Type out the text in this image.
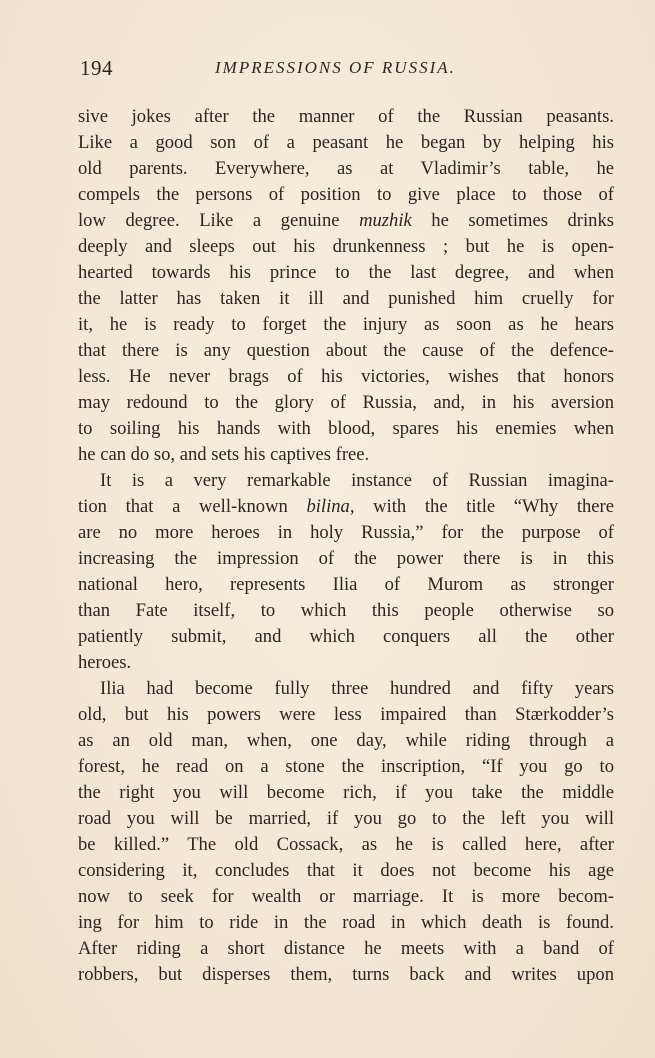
194	IMPRESSIONS OF RUSSIA.
sive jokes after the manner of the Russian peasants.
Like a good son of a peasant he began by helping his
old parents. Everywhere, as at Vladimir’s table, he
compels the persons of position to give place to those of
low degree. Like a genuine muzhik he sometimes drinks
deeply and sleeps out his drunkenness ; but he is open-
hearted towards his prince to the last degree, and when
the latter has taken it ill and punished him cruelly for
it, he is ready to forget the injury as soon as he hears
that there is any question about the cause of the defence-
less. He never brags of his victories, wishes that honors
may redound to the glory of Russia, and, in his aversion
to soiling his hands with blood, spares his enemies when
he can do so, and sets his captives free.
It is a very remarkable instance of Russian imagina-
tion that a well-known bilina, with the title “Why there
are no more heroes in holy Russia,” for the purpose of
increasing the impression of the power there is in this
national hero, represents Ilia of Murom as stronger
than Fate itself, to which this people otherwise so
patiently submit, and which conquers all the other
heroes.
Ilia had become fully three hundred and fifty years
old, but his powers were less impaired than Stærkodder’s
as an old man, when, one day, while riding through a
forest, he read on a stone the inscription, “If you go to
the right you will become rich, if you take the middle
road you will be married, if you go to the left you will
be killed.” The old Cossack, as he is called here, after
considering it, concludes that it does not become his age
now to seek for wealth or marriage. It is more becom-
ing for him to ride in the road in which death is found.
After riding a short distance he meets with a band of
robbers, but disperses them, turns back and writes upon
